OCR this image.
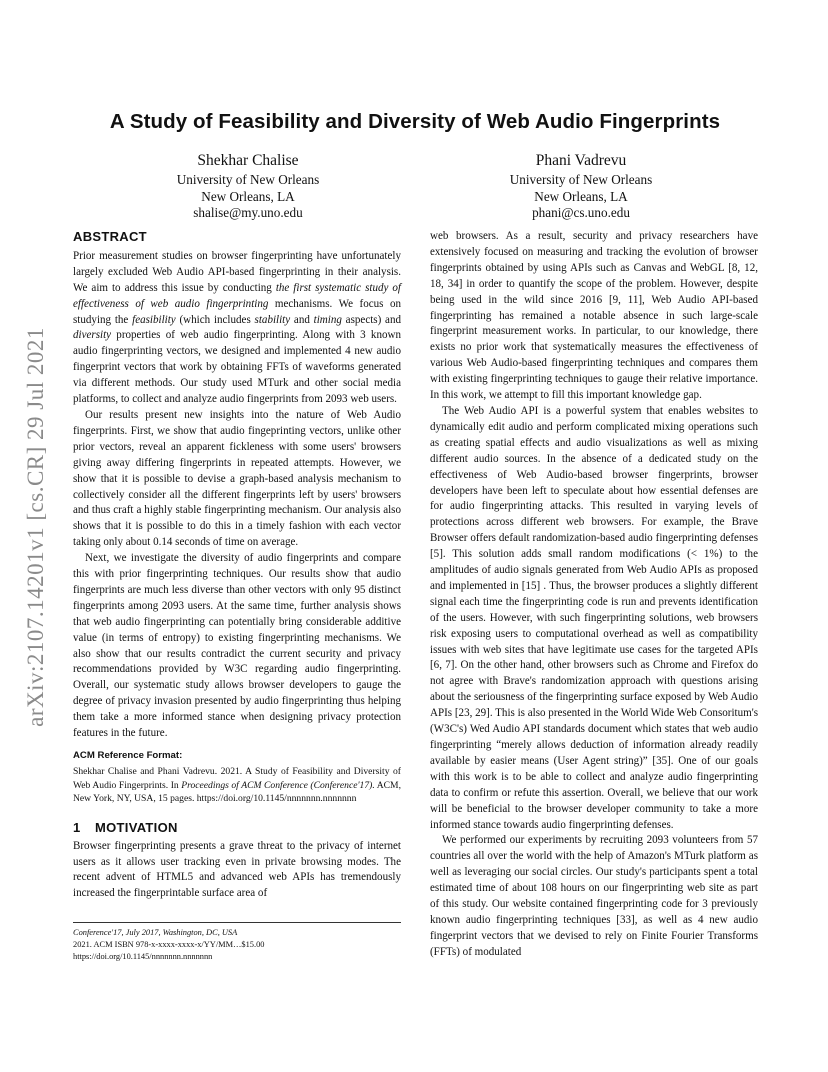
arXiv:2107.14201v1 [cs.CR] 29 Jul 2021
A Study of Feasibility and Diversity of Web Audio Fingerprints
Shekhar Chalise
University of New Orleans
New Orleans, LA
shalise@my.uno.edu
Phani Vadrevu
University of New Orleans
New Orleans, LA
phani@cs.uno.edu
ABSTRACT

Prior measurement studies on browser fingerprinting have unfortunately largely excluded Web Audio API-based fingerprinting in their analysis. We aim to address this issue by conducting the first systematic study of effectiveness of web audio fingerprinting mechanisms. We focus on studying the feasibility (which includes stability and timing aspects) and diversity properties of web audio fingerprinting. Along with 3 known audio fingerprinting vectors, we designed and implemented 4 new audio fingerprint vectors that work by obtaining FFTs of waveforms generated via different methods. Our study used MTurk and other social media platforms, to collect and analyze audio fingerprints from 2093 web users.

Our results present new insights into the nature of Web Audio fingerprints. First, we show that audio fingeprinting vectors, unlike other prior vectors, reveal an apparent fickleness with some users' browsers giving away differing fingerprints in repeated attempts. However, we show that it is possible to devise a graph-based analysis mechanism to collectively consider all the different fingerprints left by users' browsers and thus craft a highly stable fingerprinting mechanism. Our analysis also shows that it is possible to do this in a timely fashion with each vector taking only about 0.14 seconds of time on average.

Next, we investigate the diversity of audio fingerprints and compare this with prior fingerprinting techniques. Our results show that audio fingerprints are much less diverse than other vectors with only 95 distinct fingerprints among 2093 users. At the same time, further analysis shows that web audio fingerprinting can potentially bring considerable additive value (in terms of entropy) to existing fingerprinting mechanisms. We also show that our results contradict the current security and privacy recommendations provided by W3C regarding audio fingerprinting. Overall, our systematic study allows browser developers to gauge the degree of privacy invasion presented by audio fingerprinting thus helping them take a more informed stance when designing privacy protection features in the future.

ACM Reference Format:

Shekhar Chalise and Phani Vadrevu. 2021. A Study of Feasibility and Diversity of Web Audio Fingerprints. In Proceedings of ACM Conference (Conference'17). ACM, New York, NY, USA, 15 pages. https://doi.org/10.1145/nnnnnnn.nnnnnnn

1 MOTIVATION

Browser fingerprinting presents a grave threat to the privacy of internet users as it allows user tracking even in private browsing modes. The recent advent of HTML5 and advanced web APIs has tremendously increased the fingerprintable surface area of

web browsers. As a result, security and privacy researchers have extensively focused on measuring and tracking the evolution of browser fingerprints obtained by using APIs such as Canvas and WebGL [8, 12, 18, 34] in order to quantify the scope of the problem. However, despite being used in the wild since 2016 [9, 11], Web Audio API-based fingerprinting has remained a notable absence in such large-scale fingerprint measurement works. In particular, to our knowledge, there exists no prior work that systematically measures the effectiveness of various Web Audio-based fingerprinting techniques and compares them with existing fingerprinting techniques to gauge their relative importance. In this work, we attempt to fill this important knowledge gap.

The Web Audio API is a powerful system that enables websites to dynamically edit audio and perform complicated mixing operations such as creating spatial effects and audio visualizations as well as mixing different audio sources. In the absence of a dedicated study on the effectiveness of Web Audio-based browser fingerprints, browser developers have been left to speculate about how essential defenses are for audio fingerprinting attacks. This resulted in varying levels of protections across different web browsers. For example, the Brave Browser offers default randomization-based audio fingerprinting defenses [5]. This solution adds small random modifications (< 1%) to the amplitudes of audio signals generated from Web Audio APIs as proposed and implemented in [15] . Thus, the browser produces a slightly different signal each time the fingerprinting code is run and prevents identification of the users. However, with such fingerprinting solutions, web browsers risk exposing users to computational overhead as well as compatibility issues with web sites that have legitimate use cases for the targeted APIs [6, 7]. On the other hand, other browsers such as Chrome and Firefox do not agree with Brave's randomization approach with questions arising about the seriousness of the fingerprinting surface exposed by Web Audio APIs [23, 29]. This is also presented in the World Wide Web Consoritum's (W3C's) Wed Audio API standards document which states that web audio fingerprinting “merely allows deduction of information already readily available by easier means (User Agent string)” [35]. One of our goals with this work is to be able to collect and analyze audio fingerprinting data to confirm or refute this assertion. Overall, we believe that our work will be beneficial to the browser developer community to take a more informed stance towards audio fingerprinting defenses.

We performed our experiments by recruiting 2093 volunteers from 57 countries all over the world with the help of Amazon's MTurk platform as well as leveraging our social circles. Our study's participants spent a total estimated time of about 108 hours on our fingerprinting web site as part of this study. Our website contained fingerprinting code for 3 previously known audio fingerprinting techniques [33], as well as 4 new audio fingerprint vectors that we devised to rely on Finite Fourier Transforms (FFTs) of modulated

Conference'17, July 2017, Washington, DC, USA
2021. ACM ISBN 978-x-xxxx-xxxx-x/YY/MM…$15.00
https://doi.org/10.1145/nnnnnnn.nnnnnnn
